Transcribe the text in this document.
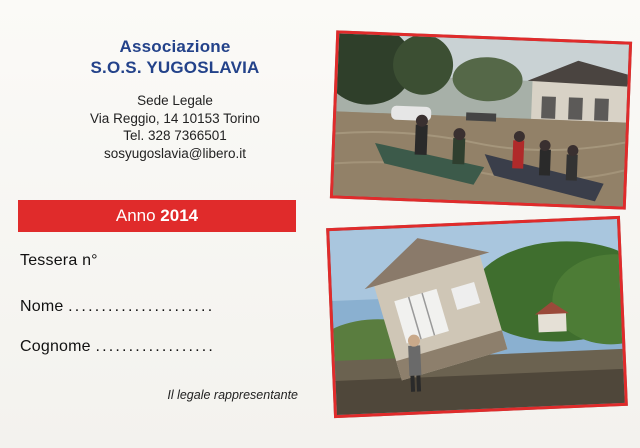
Associazione
S.O.S. YUGOSLAVIA
Sede Legale
Via Reggio, 14 10153 Torino
Tel. 328 7366501
sosyugoslavia@libero.it
Anno 2014
Tessera n°
Nome ......................
Cognome ..................
Il legale rappresentante
